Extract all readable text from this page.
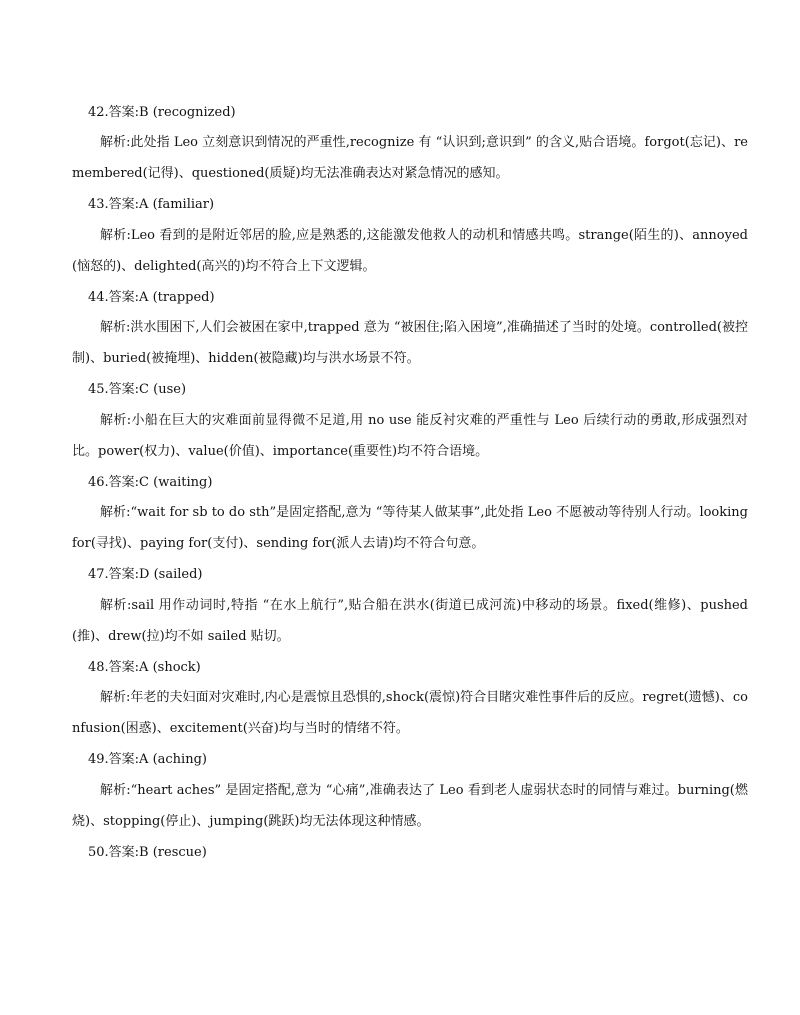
42.答案:B (recognized)
解析:此处指 Leo 立刻意识到情况的严重性,recognize 有 “认识到;意识到” 的含义,贴合语境。forgot(忘记)、remembered(记得)、questioned(质疑)均无法准确表达对紧急情况的感知。
43.答案:A (familiar)
解析:Leo 看到的是附近邻居的脸,应是熟悉的,这能激发他救人的动机和情感共鸣。strange(陌生的)、annoyed(恼怒的)、delighted(高兴的)均不符合上下文逻辑。
44.答案:A (trapped)
解析:洪水围困下,人们会被困在家中,trapped 意为 “被困住;陷入困境”,准确描述了当时的处境。controlled(被控制)、buried(被掩埋)、hidden(被隐藏)均与洪水场景不符。
45.答案:C (use)
解析:小船在巨大的灾难面前显得微不足道,用 no use 能反衬灾难的严重性与 Leo 后续行动的勇敢,形成强烈对比。power(权力)、value(价值)、importance(重要性)均不符合语境。
46.答案:C (waiting)
解析:“wait for sb to do sth”是固定搭配,意为 “等待某人做某事”,此处指 Leo 不愿被动等待别人行动。looking for(寻找)、paying for(支付)、sending for(派人去请)均不符合句意。
47.答案:D (sailed)
解析:sail 用作动词时,特指 “在水上航行”,贴合船在洪水(街道已成河流)中移动的场景。fixed(维修)、pushed(推)、drew(拉)均不如 sailed 贴切。
48.答案:A (shock)
解析:年老的夫妇面对灾难时,内心是震惊且恐惧的,shock(震惊)符合目睹灾难性事件后的反应。regret(遗憾)、confusion(困惑)、excitement(兴奋)均与当时的情绪不符。
49.答案:A (aching)
解析:“heart aches” 是固定搭配,意为 “心痛”,准确表达了 Leo 看到老人虚弱状态时的同情与难过。burning(燃烧)、stopping(停止)、jumping(跳跃)均无法体现这种情感。
50.答案:B (rescue)
